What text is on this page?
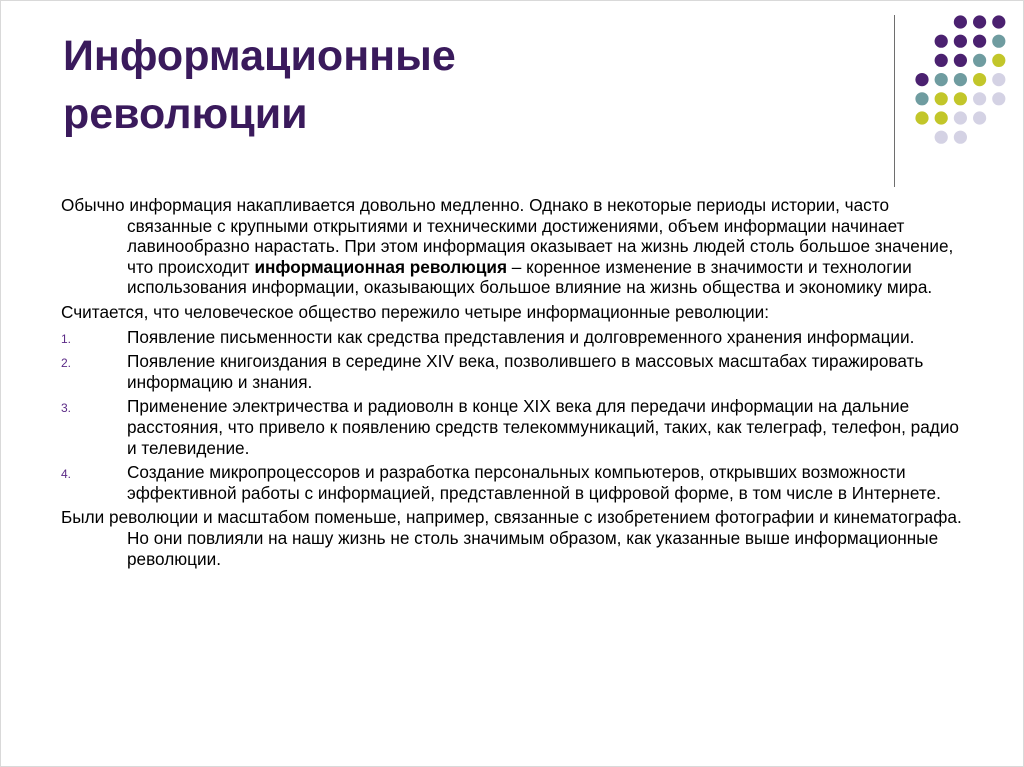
Информационные
революции

Обычно информация накапливается довольно медленно. Однако в некоторые периоды истории, часто связанные с крупными открытиями и техническими достижениями, объем информации начинает лавинообразно нарастать. При этом информация оказывает на жизнь людей столь большое значение, что происходит информационная революция – коренное изменение в значимости и технологии использования информации, оказывающих большое влияние на жизнь общества и экономику мира.

Считается, что человеческое общество пережило четыре информационные революции:

1.	Появление письменности как средства представления и долговременного хранения информации.
2.	Появление книгоиздания в середине XIV века, позволившего в массовых масштабах тиражировать информацию и знания.
3.	Применение электричества и радиоволн в конце XIX века для передачи информации на дальние расстояния, что привело к появлению средств телекоммуникаций, таких, как телеграф, телефон, радио и телевидение.
4.	Создание микропроцессоров и разработка персональных компьютеров, открывших возможности эффективной работы с информацией, представленной в цифровой форме, в том числе в Интернете.

Были революции и масштабом поменьше, например, связанные с изобретением фотографии и кинематографа. Но они повлияли на нашу жизнь не столь значимым образом, как указанные выше информационные революции.
